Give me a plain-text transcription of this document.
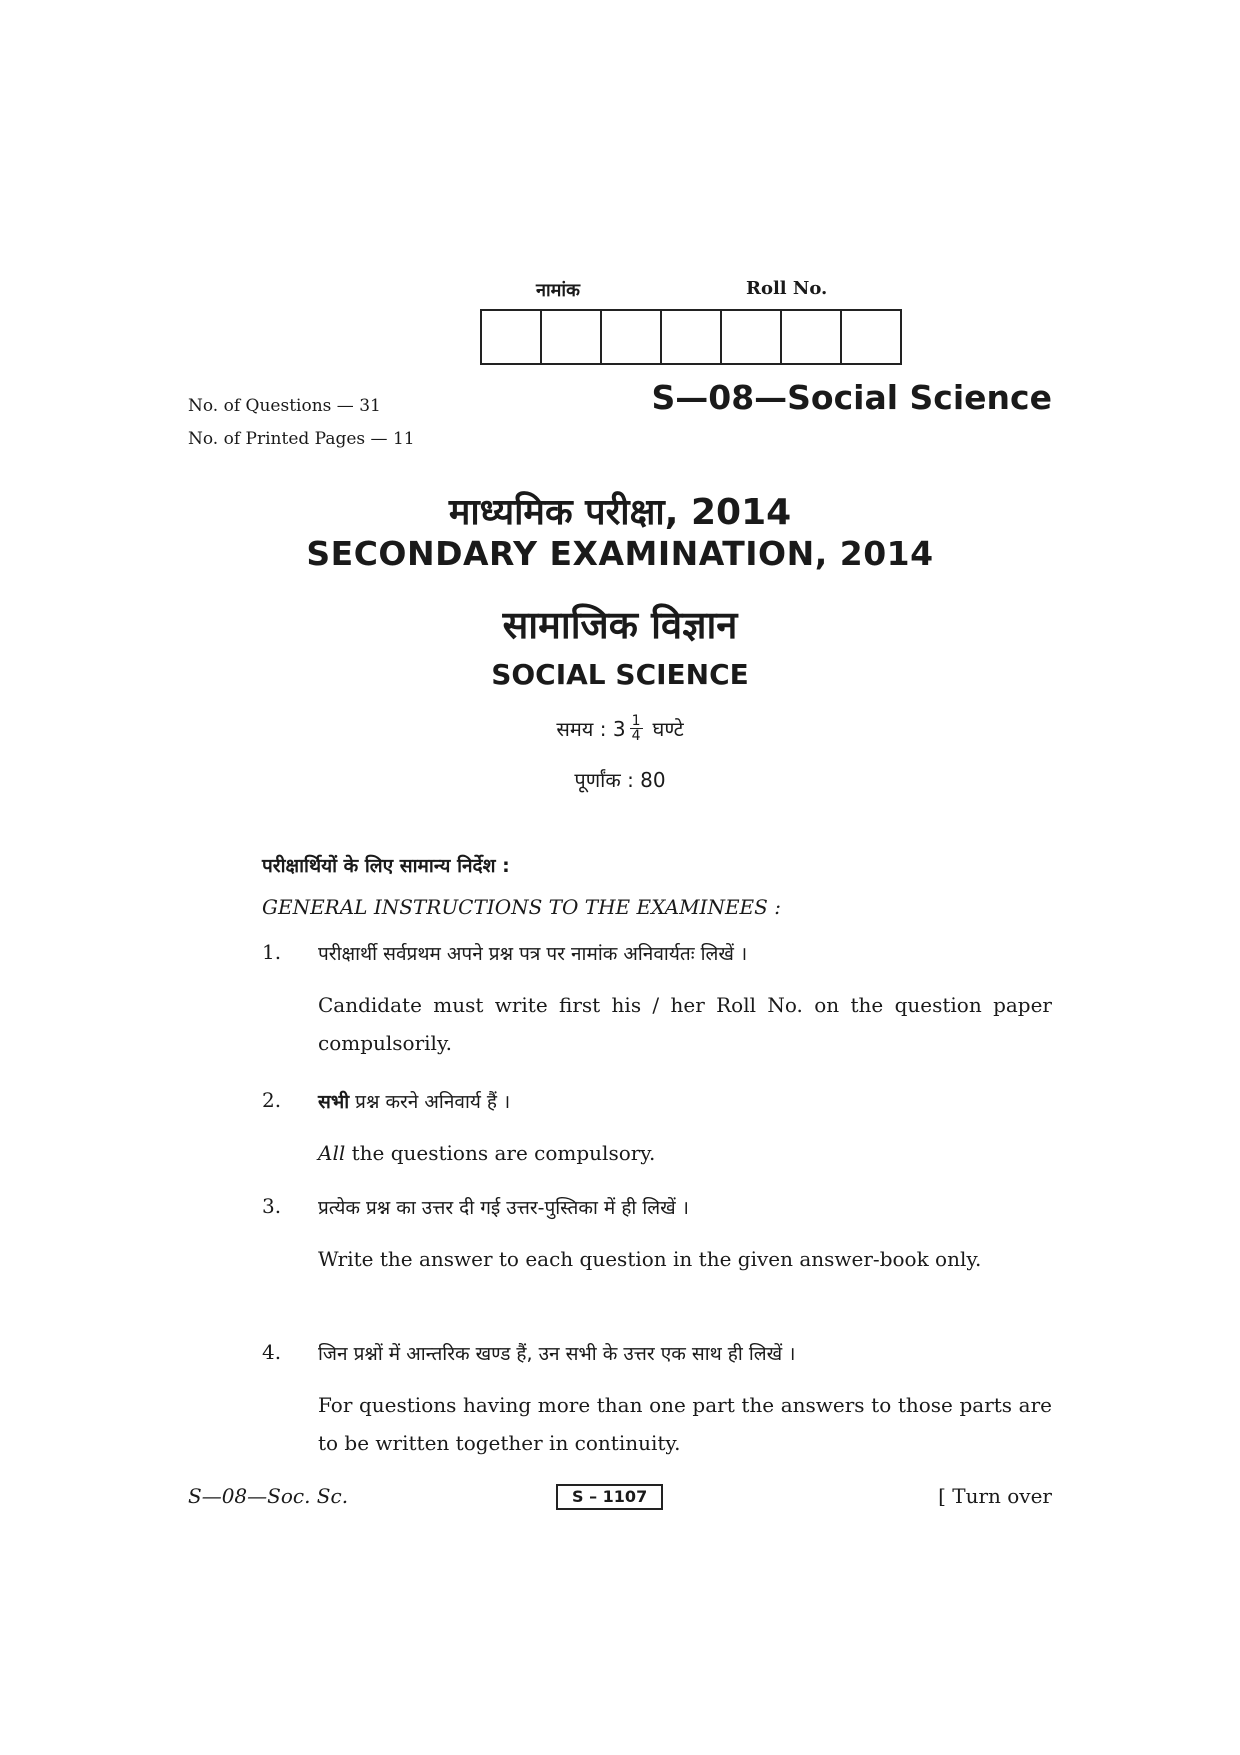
नामांक	Roll No.
No. of Questions — 31
No. of Printed Pages — 11
S—08—Social Science
माध्यमिक परीक्षा, 2014
SECONDARY EXAMINATION, 2014
सामाजिक विज्ञान
SOCIAL SCIENCE
समय : $3 \frac{1}{4}$ घण्टे
पूर्णांक : 80
परीक्षार्थियों के लिए सामान्य निर्देश :
GENERAL INSTRUCTIONS TO THE EXAMINEES :
1. परीक्षार्थी सर्वप्रथम अपने प्रश्न पत्र पर नामांक अनिवार्यतः लिखें ।
Candidate must write first his / her Roll No. on the question paper compulsorily.
2. सभी प्रश्न करने अनिवार्य हैं ।
All the questions are compulsory.
3. प्रत्येक प्रश्न का उत्तर दी गई उत्तर-पुस्तिका में ही लिखें ।
Write the answer to each question in the given answer-book only.
4. जिन प्रश्नों में आन्तरिक खण्ड हैं, उन सभी के उत्तर एक साथ ही लिखें ।
For questions having more than one part the answers to those parts are to be written together in continuity.
S—08—Soc. Sc.	S – 1107	[ Turn over
